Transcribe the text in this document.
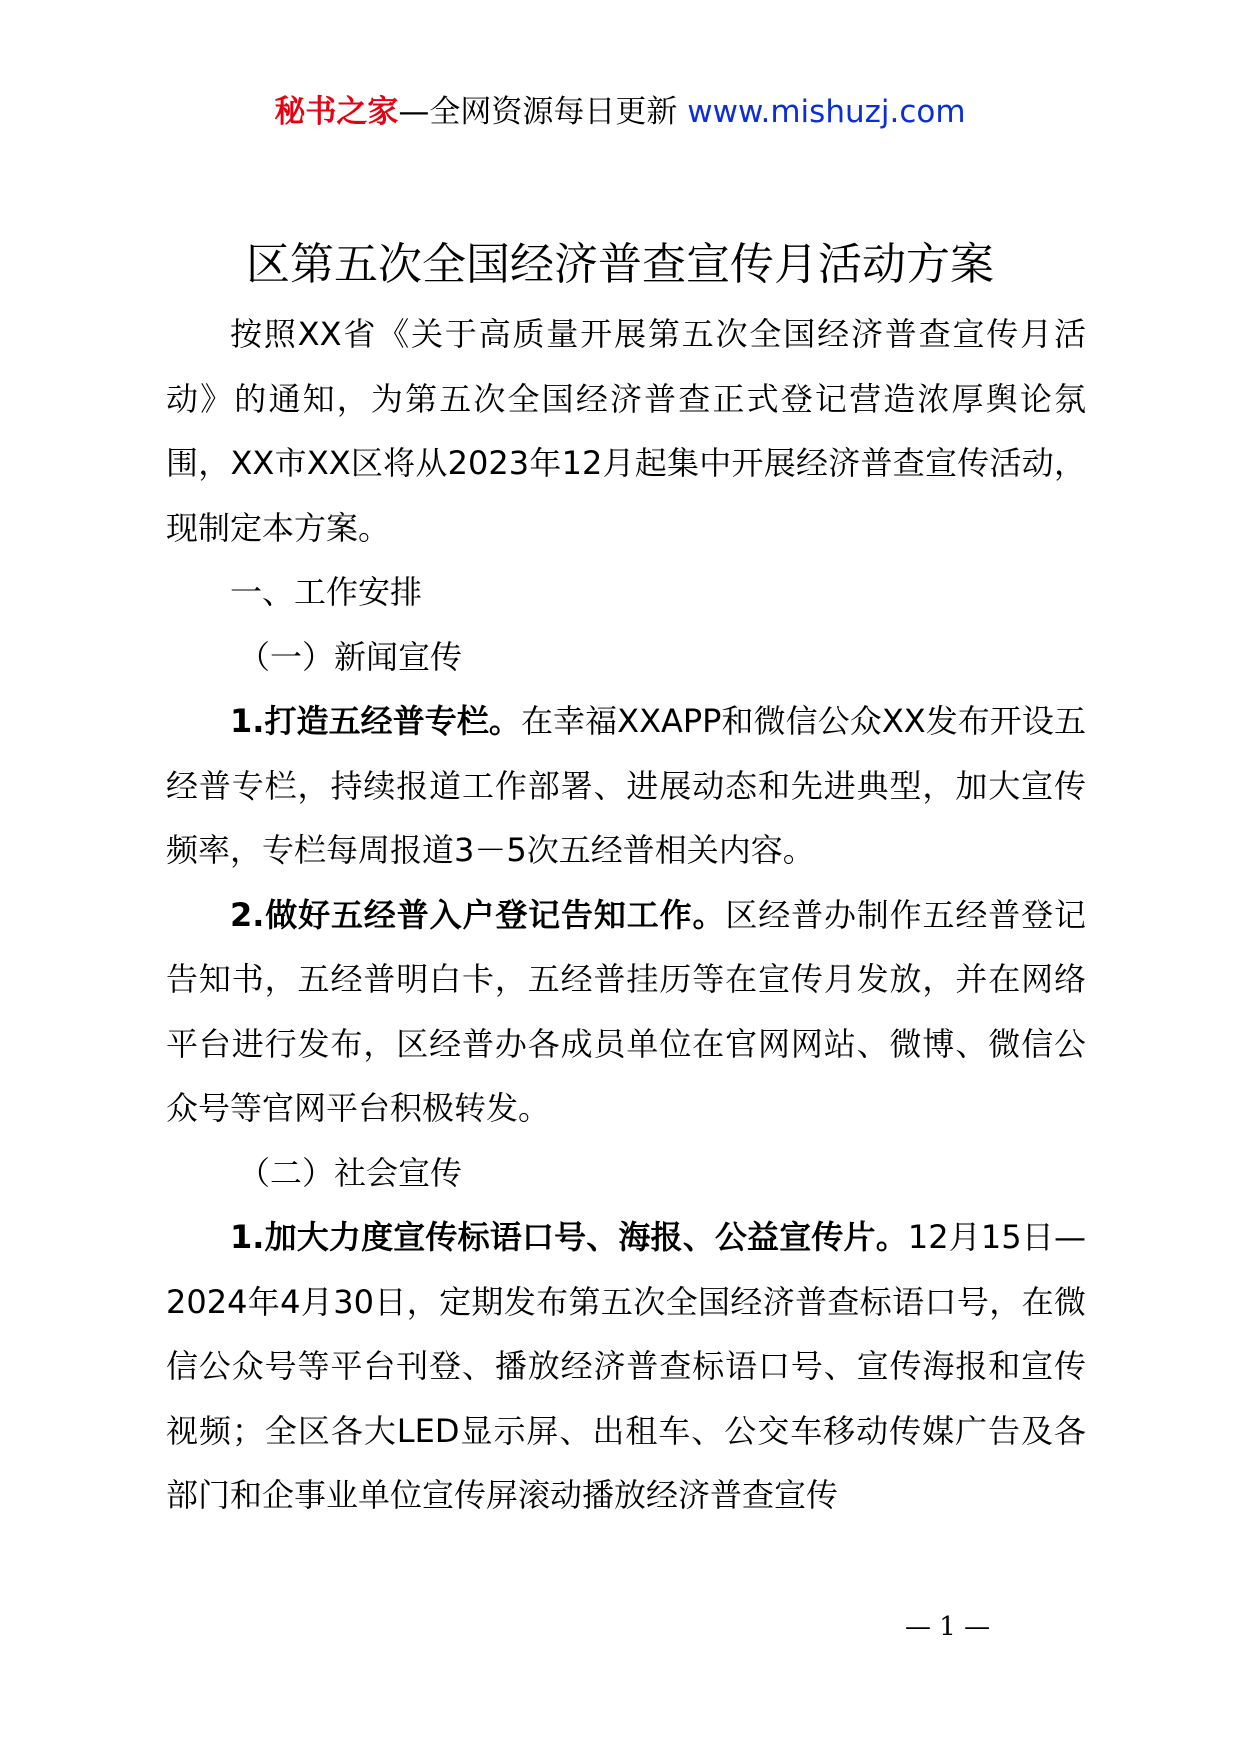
秘书之家—全网资源每日更新 www.mishuzj.com
区第五次全国经济普查宣传月活动方案

按照XX省《关于高质量开展第五次全国经济普查宣传月活动》的通知，为第五次全国经济普查正式登记营造浓厚舆论氛围，XX市XX区将从2023年12月起集中开展经济普查宣传活动，现制定本方案。

一、工作安排

（一）新闻宣传

1.打造五经普专栏。在幸福XXAPP和微信公众XX发布开设五经普专栏，持续报道工作部署、进展动态和先进典型，加大宣传频率，专栏每周报道3－5次五经普相关内容。

2.做好五经普入户登记告知工作。区经普办制作五经普登记告知书，五经普明白卡，五经普挂历等在宣传月发放，并在网络平台进行发布，区经普办各成员单位在官网网站、微博、微信公众号等官网平台积极转发。

（二）社会宣传

1.加大力度宣传标语口号、海报、公益宣传片。12月15日—2024年4月30日，定期发布第五次全国经济普查标语口号，在微信公众号等平台刊登、播放经济普查标语口号、宣传海报和宣传视频；全区各大LED显示屏、出租车、公交车移动传媒广告及各部门和企事业单位宣传屏滚动播放经济普查宣传

— 1 —
